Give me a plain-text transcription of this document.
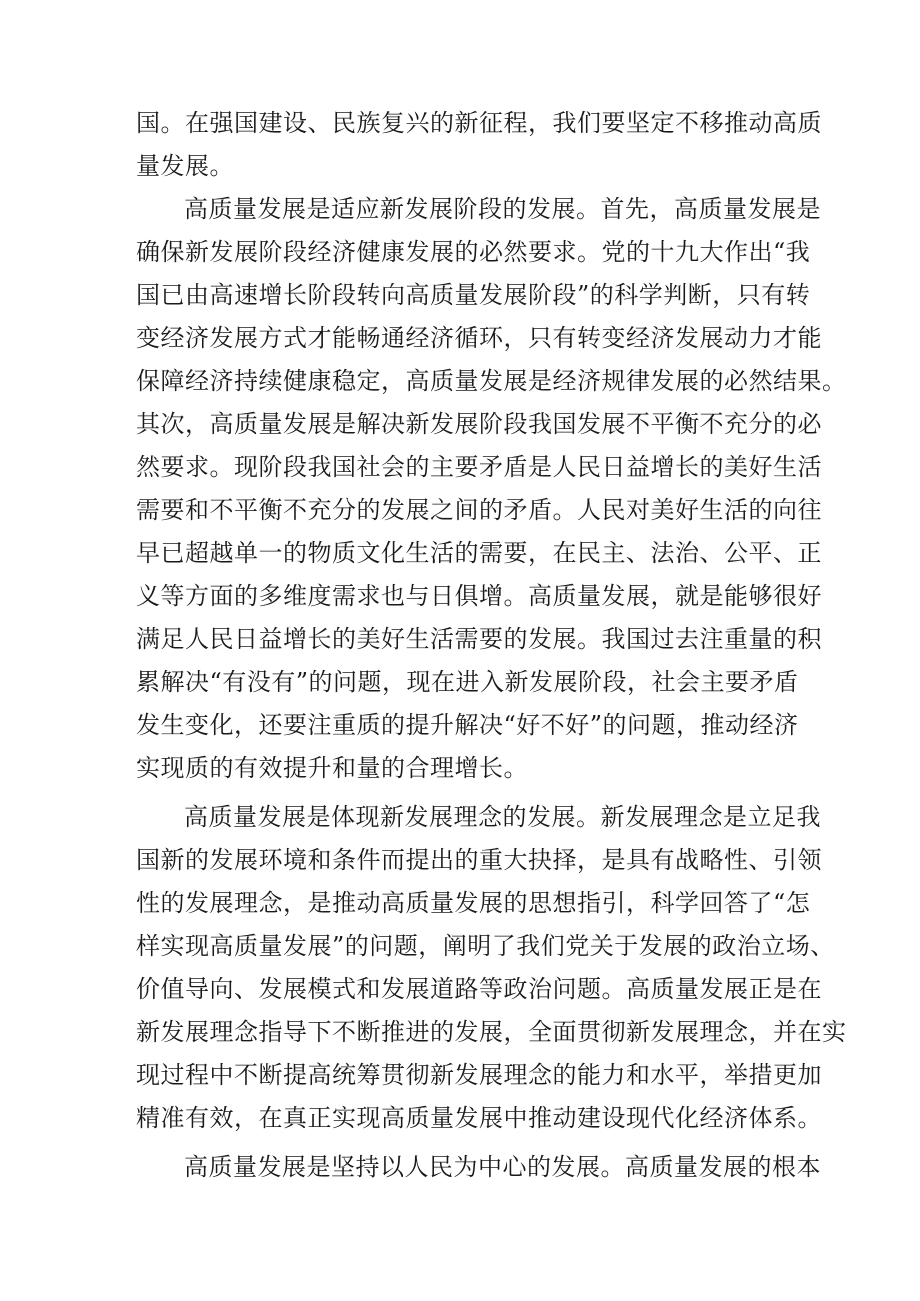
国。在强国建设、民族复兴的新征程，我们要坚定不移推动高质

量发展。

高质量发展是适应新发展阶段的发展。首先，高质量发展是

确保新发展阶段经济健康发展的必然要求。党的十九大作出“我

国已由高速增长阶段转向高质量发展阶段”的科学判断，只有转

变经济发展方式才能畅通经济循环，只有转变经济发展动力才能

保障经济持续健康稳定，高质量发展是经济规律发展的必然结果。

其次，高质量发展是解决新发展阶段我国发展不平衡不充分的必

然要求。现阶段我国社会的主要矛盾是人民日益增长的美好生活

需要和不平衡不充分的发展之间的矛盾。人民对美好生活的向往

早已超越单一的物质文化生活的需要，在民主、法治、公平、正

义等方面的多维度需求也与日俱增。高质量发展，就是能够很好

满足人民日益增长的美好生活需要的发展。我国过去注重量的积

累解决“有没有”的问题，现在进入新发展阶段，社会主要矛盾

发生变化，还要注重质的提升解决“好不好”的问题，推动经济

实现质的有效提升和量的合理增长。

高质量发展是体现新发展理念的发展。新发展理念是立足我

国新的发展环境和条件而提出的重大抉择，是具有战略性、引领

性的发展理念，是推动高质量发展的思想指引，科学回答了“怎

样实现高质量发展”的问题，阐明了我们党关于发展的政治立场、

价值导向、发展模式和发展道路等政治问题。高质量发展正是在

新发展理念指导下不断推进的发展，全面贯彻新发展理念，并在实

现过程中不断提高统筹贯彻新发展理念的能力和水平，举措更加

精准有效，在真正实现高质量发展中推动建设现代化经济体系。

高质量发展是坚持以人民为中心的发展。高质量发展的根本
